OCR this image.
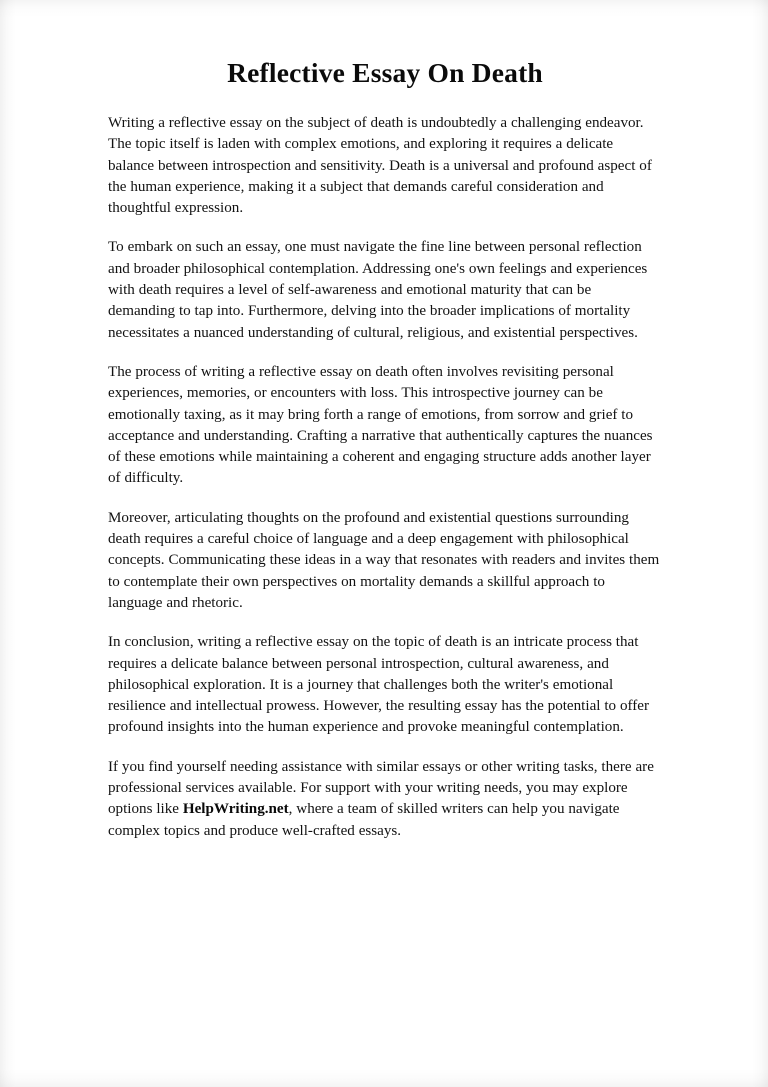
Reflective Essay On Death

Writing a reflective essay on the subject of death is undoubtedly a challenging endeavor. The topic itself is laden with complex emotions, and exploring it requires a delicate balance between introspection and sensitivity. Death is a universal and profound aspect of the human experience, making it a subject that demands careful consideration and thoughtful expression.

To embark on such an essay, one must navigate the fine line between personal reflection and broader philosophical contemplation. Addressing one's own feelings and experiences with death requires a level of self-awareness and emotional maturity that can be demanding to tap into. Furthermore, delving into the broader implications of mortality necessitates a nuanced understanding of cultural, religious, and existential perspectives.

The process of writing a reflective essay on death often involves revisiting personal experiences, memories, or encounters with loss. This introspective journey can be emotionally taxing, as it may bring forth a range of emotions, from sorrow and grief to acceptance and understanding. Crafting a narrative that authentically captures the nuances of these emotions while maintaining a coherent and engaging structure adds another layer of difficulty.

Moreover, articulating thoughts on the profound and existential questions surrounding death requires a careful choice of language and a deep engagement with philosophical concepts. Communicating these ideas in a way that resonates with readers and invites them to contemplate their own perspectives on mortality demands a skillful approach to language and rhetoric.

In conclusion, writing a reflective essay on the topic of death is an intricate process that requires a delicate balance between personal introspection, cultural awareness, and philosophical exploration. It is a journey that challenges both the writer's emotional resilience and intellectual prowess. However, the resulting essay has the potential to offer profound insights into the human experience and provoke meaningful contemplation.

If you find yourself needing assistance with similar essays or other writing tasks, there are professional services available. For support with your writing needs, you may explore options like HelpWriting.net, where a team of skilled writers can help you navigate complex topics and produce well-crafted essays.
